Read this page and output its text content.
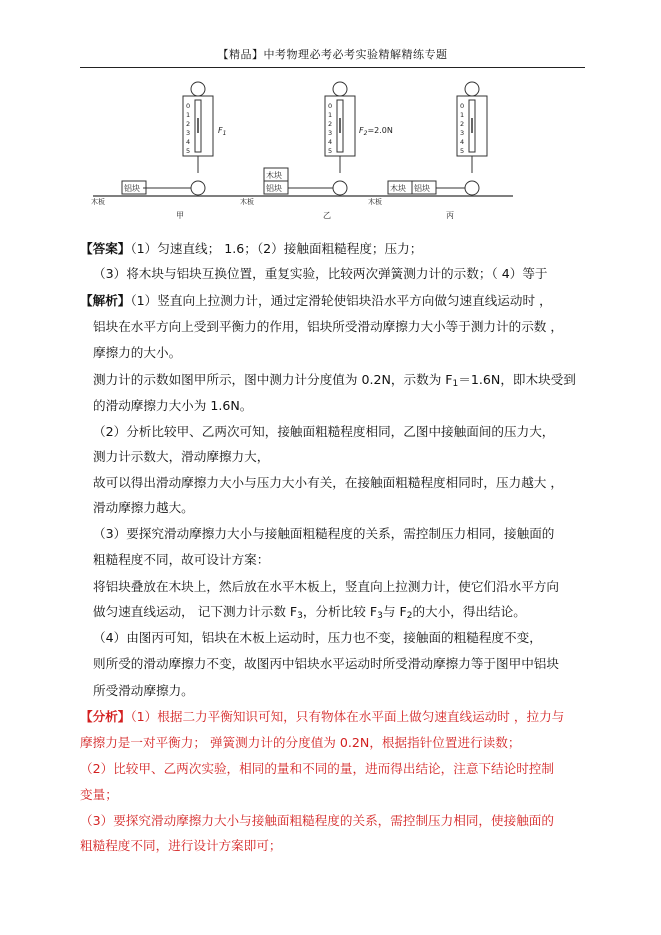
【精品】中考物理必考必考实验精解精练专题
0
1
2
3
4
5
$F_1$
铝块
木板
甲
0
1
2
3
4
5
$F_2=2.0N$
木块
铝块
木板
乙
0
1
2
3
4
5
木块 铝块
木板
丙
【答案】（1）匀速直线； 1.6；（2）接触面粗糙程度；压力；
（3）将木块与铝块互换位置，重复实验，比较两次弹簧测力计的示数；（ 4）等于
【解析】（1）竖直向上拉测力计，通过定滑轮使铝块沿水平方向做匀速直线运动时 ，
铝块在水平方向上受到平衡力的作用，铝块所受滑动摩擦力大小等于测力计的示数 ，
摩擦力的大小。
测力计的示数如图甲所示，图中测力计分度值为 0.2N，示数为 $F_1=1.6N$，即木块受到
的滑动摩擦力大小为 1.6N。
（2）分析比较甲、乙两次可知，接触面粗糙程度相同，乙图中接触面间的压力大，
测力计示数大，滑动摩擦力大，
故可以得出滑动摩擦力大小与压力大小有关，在接触面粗糙程度相同时，压力越大 ，
滑动摩擦力越大。
（3）要探究滑动摩擦力大小与接触面粗糙程度的关系，需控制压力相同，接触面的
粗糙程度不同，故可设计方案：
将铝块叠放在木块上，然后放在水平木板上，竖直向上拉测力计，使它们沿水平方向
做匀速直线运动， 记下测力计示数 $F_3$，分析比较 $F_3$与 $F_2$的大小，得出结论。
（4）由图丙可知，铝块在木板上运动时，压力也不变，接触面的粗糙程度不变，
则所受的滑动摩擦力不变，故图丙中铝块水平运动时所受滑动摩擦力等于图甲中铝块
所受滑动摩擦力。
【分析】（1）根据二力平衡知识可知，只有物体在水平面上做匀速直线运动时 ，拉力与
摩擦力是一对平衡力； 弹簧测力计的分度值为 0.2N，根据指针位置进行读数；
（2）比较甲、乙两次实验，相同的量和不同的量，进而得出结论，注意下结论时控制
变量；
（3）要探究滑动摩擦力大小与接触面粗糙程度的关系，需控制压力相同，使接触面的
粗糙程度不同，进行设计方案即可；
